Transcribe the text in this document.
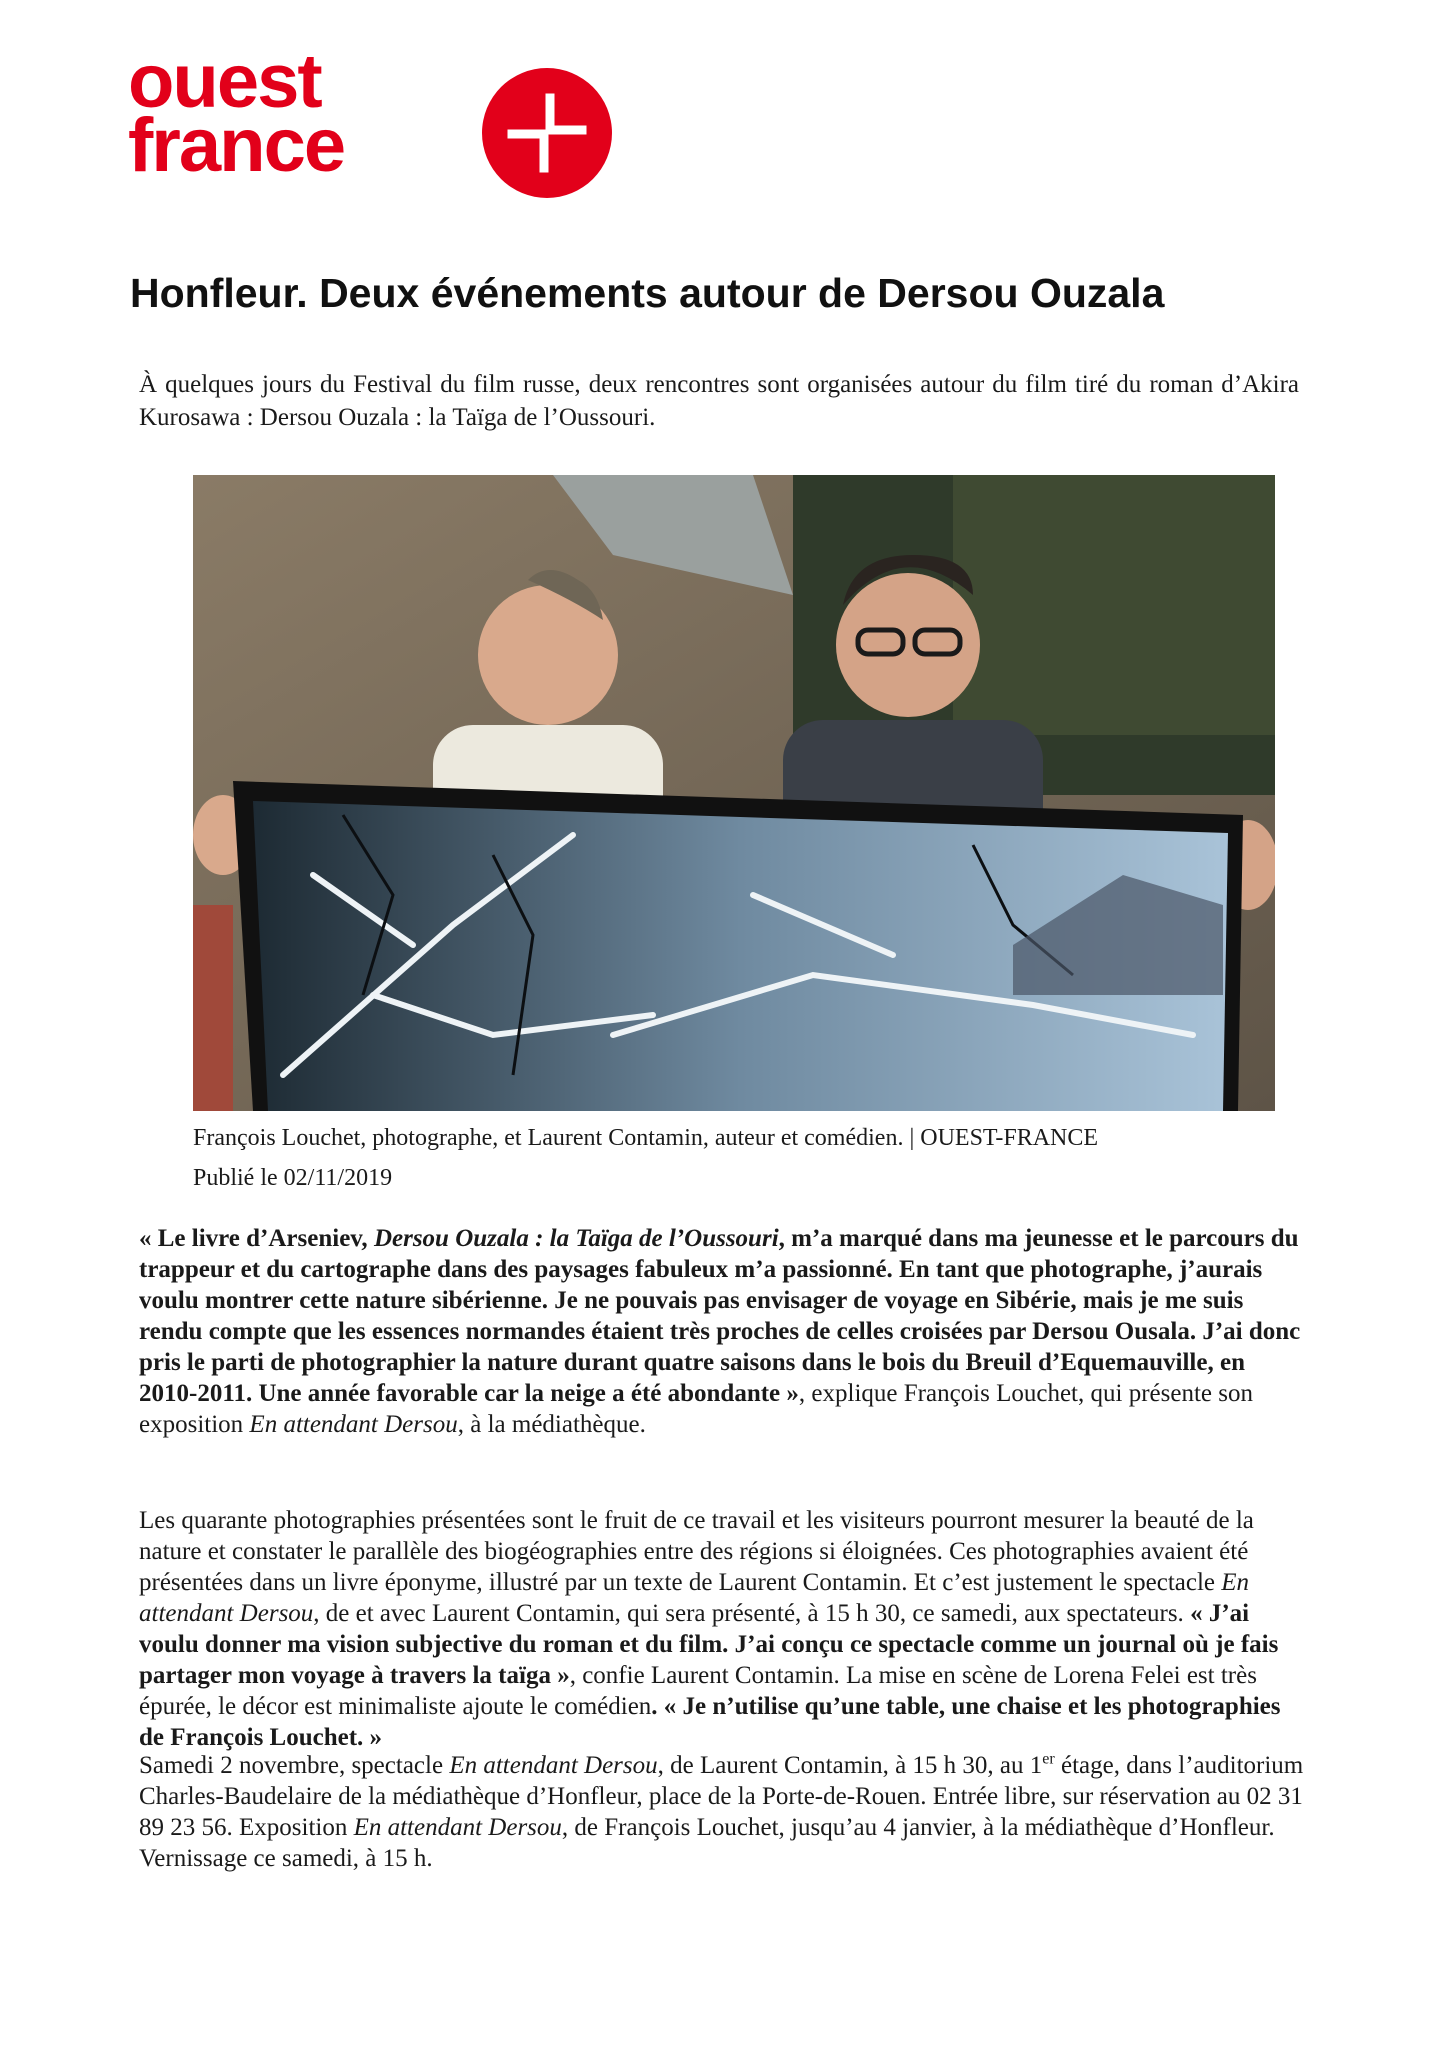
ouest
france
Honfleur. Deux événements autour de Dersou Ouzala

À quelques jours du Festival du film russe, deux rencontres sont organisées autour du film tiré du roman d’Akira Kurosawa : Dersou Ouzala : la Taïga de l’Oussouri.

François Louchet, photographe, et Laurent Contamin, auteur et comédien. | OUEST-FRANCE

Publié le 02/11/2019

« Le livre d’Arseniev, Dersou Ouzala : la Taïga de l’Oussouri, m’a marqué dans ma jeunesse et le parcours du trappeur et du cartographe dans des paysages fabuleux m’a passionné. En tant que photographe, j’aurais voulu montrer cette nature sibérienne. Je ne pouvais pas envisager de voyage en Sibérie, mais je me suis rendu compte que les essences normandes étaient très proches de celles croisées par Dersou Ousala. J’ai donc pris le parti de photographier la nature durant quatre saisons dans le bois du Breuil d’Equemauville, en 2010-2011. Une année favorable car la neige a été abondante », explique François Louchet, qui présente son exposition En attendant Dersou, à la médiathèque.

Les quarante photographies présentées sont le fruit de ce travail et les visiteurs pourront mesurer la beauté de la nature et constater le parallèle des biogéographies entre des régions si éloignées. Ces photographies avaient été présentées dans un livre éponyme, illustré par un texte de Laurent Contamin. Et c’est justement le spectacle En attendant Dersou, de et avec Laurent Contamin, qui sera présenté, à 15 h 30, ce samedi, aux spectateurs. « J’ai voulu donner ma vision subjective du roman et du film. J’ai conçu ce spectacle comme un journal où je fais partager mon voyage à travers la taïga », confie Laurent Contamin. La mise en scène de Lorena Felei est très épurée, le décor est minimaliste ajoute le comédien. « Je n’utilise qu’une table, une chaise et les photographies de François Louchet. »

Samedi 2 novembre, spectacle En attendant Dersou, de Laurent Contamin, à 15 h 30, au 1er étage, dans l’auditorium Charles-Baudelaire de la médiathèque d’Honfleur, place de la Porte-de-Rouen. Entrée libre, sur réservation au 02 31 89 23 56. Exposition En attendant Dersou, de François Louchet, jusqu’au 4 janvier, à la médiathèque d’Honfleur. Vernissage ce samedi, à 15 h.
